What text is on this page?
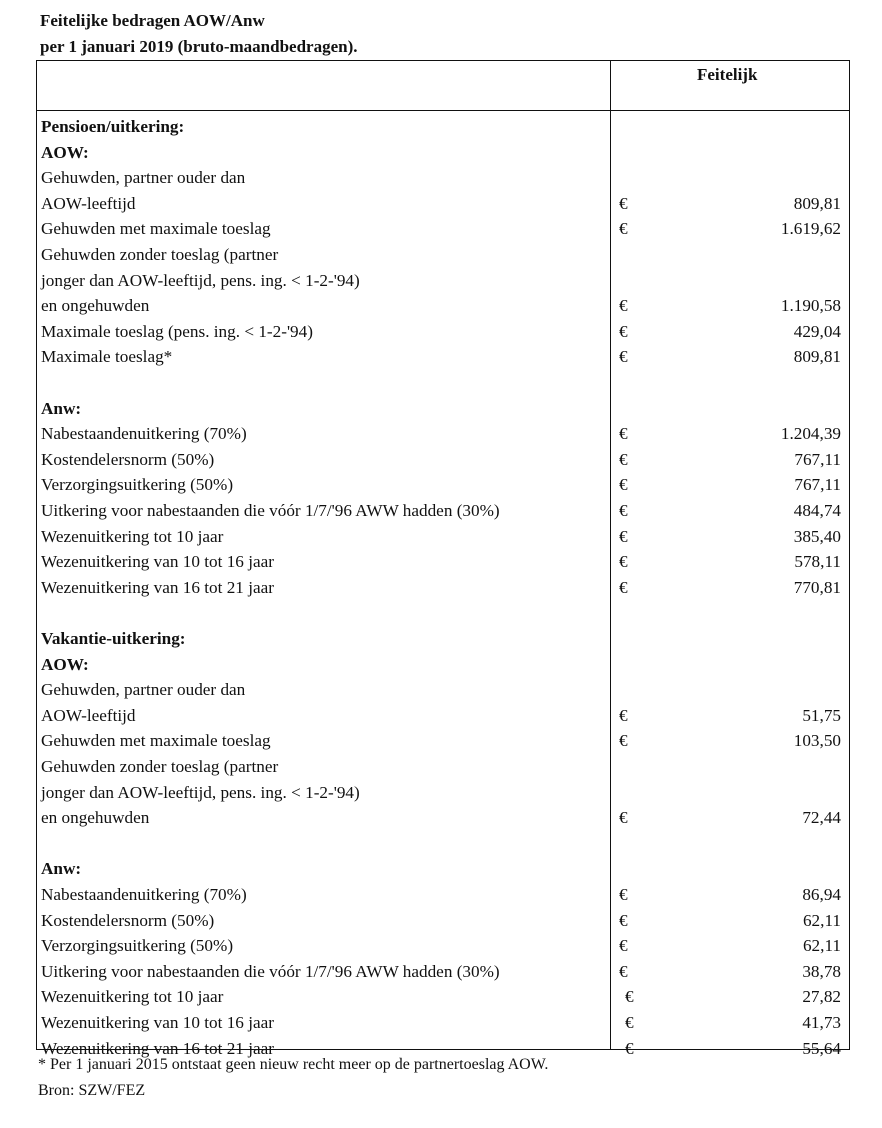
Feitelijke bedragen AOW/Anw
per 1 januari 2019 (bruto-maandbedragen).
Feitelijk
Pensioen/uitkering:
AOW:
Gehuwden, partner ouder dan
AOW-leeftijd	€	809,81
Gehuwden met maximale toeslag	€	1.619,62
Gehuwden zonder toeslag (partner
jonger dan AOW-leeftijd, pens. ing. < 1-2-'94)
en ongehuwden	€	1.190,58
Maximale toeslag (pens. ing. < 1-2-'94)	€	429,04
Maximale toeslag*	€	809,81
Anw:
Nabestaandenuitkering (70%)	€	1.204,39
Kostendelersnorm (50%)	€	767,11
Verzorgingsuitkering (50%)	€	767,11
Uitkering voor nabestaanden die vóór 1/7/'96 AWW hadden (30%)	€	484,74
Wezenuitkering tot 10 jaar	€	385,40
Wezenuitkering van 10 tot 16 jaar	€	578,11
Wezenuitkering van 16 tot 21 jaar	€	770,81
Vakantie-uitkering:
AOW:
Gehuwden, partner ouder dan
AOW-leeftijd	€	51,75
Gehuwden met maximale toeslag	€	103,50
Gehuwden zonder toeslag (partner
jonger dan AOW-leeftijd, pens. ing. < 1-2-'94)
en ongehuwden	€	72,44
Anw:
Nabestaandenuitkering (70%)	€	86,94
Kostendelersnorm (50%)	€	62,11
Verzorgingsuitkering (50%)	€	62,11
Uitkering voor nabestaanden die vóór 1/7/'96 AWW hadden (30%)	€	38,78
Wezenuitkering tot 10 jaar	€	27,82
Wezenuitkering van 10 tot 16 jaar	€	41,73
Wezenuitkering van 16 tot 21 jaar	€	55,64
* Per 1 januari 2015 ontstaat geen nieuw recht meer op de partnertoeslag AOW.
Bron: SZW/FEZ
